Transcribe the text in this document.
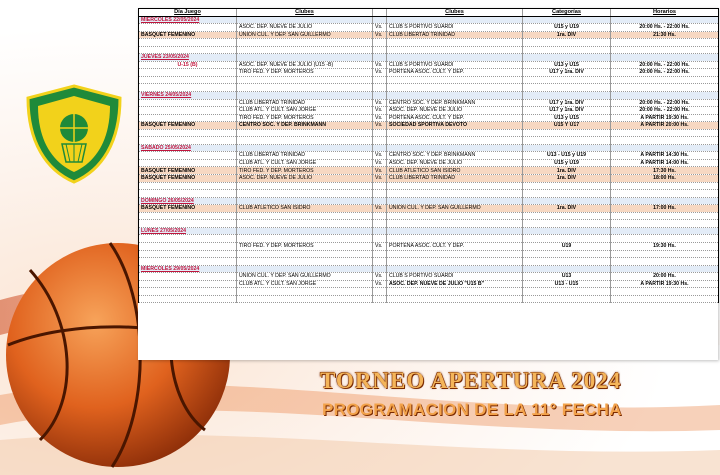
Día Juego	Clubes		Clubes	Categorías	Horarios
MIERCOLES 22/05/2024					
	ASOC. DEP. NUEVE DE JULIO	Vs.	CLUB S PORTIVO SUARDI	U15 y U19	20:00 Hs. - 22:00 Hs.
BASQUET FEMENINO	UNION CUL. Y DEP. SAN GUILLERMO	Vs.	CLUB LIBERTAD TRINIDAD	1ra. DIV	21:30 Hs.

JUEVES 23/05/2024					
U-15 (B)	ASOC. DEP. NUEVE DE JULIO (U15 -B)	Vs.	CLUB S PORTIVO SUARDI	U13 y U15	20:00 Hs. - 22:00 Hs.
	TIRO FED. Y DEP. MORTEROS	Vs.	PORTEÑA ASOC. CULT. Y DEP.	U17 y 1ra. DIV	20:00 Hs. - 22:00 Hs.

VIERNES 24/05/2024					
	CLUB LIBERTAD TRINIDAD	Vs.	CENTRO SOC. Y DEP. BRINKMANN	U17 y 1ra. DIV	20:00 Hs. - 22:00 Hs.
	CLUB ATL. Y CULT. SAN JORGE	Vs.	ASOC. DEP. NUEVE DE JULIO	U17 y 1ra. DIV	20:00 Hs. - 22:00 Hs.
	TIRO FED. Y DEP. MORTEROS	Vs.	PORTEÑA ASOC. CULT. Y DEP.	U13 y U15	A PARTIR 19:30 Hs.
BASQUET FEMENINO	CENTRO SOC. Y DEP. BRINKMANN	Vs.	SOCIEDAD SPORTIVA DEVOTO	U15 Y U17	A PARTIR 20:00 Hs.

SABADO 25/05/2024					
	CLUB LIBERTAD TRINIDAD	Vs.	CENTRO SOC. Y DEP. BRINKMANN	U13 - U15 y U19	A PARTIR 14:30 Hs.
	CLUB ATL. Y CULT. SAN JORGE	Vs.	ASOC. DEP. NUEVE DE JULIO	U15 y U19	A PARTIR 14:00 Hs.
BASQUET FEMENINO	TIRO FED. Y DEP. MORTEROS	Vs.	CLUB ATLETICO SAN ISIDRO	1ra. DIV	17:30 Hs.
BASQUET FEMENINO	ASOC. DEP. NUEVE DE JULIO	Vs.	CLUB LIBERTAD TRINIDAD	1ra. DIV	18:00 Hs.

DOMINGO 26/05/2024					
BASQUET FEMENINO	CLUB ATLETICO SAN ISIDRO	Vs.	UNION CUL. Y DEP. SAN GUILLERMO	1ra. DIV	17:00 Hs.

LUNES 27/05/2024					

	TIRO FED. Y DEP. MORTEROS	Vs.	PORTEÑA ASOC. CULT. Y DEP.	U19	19:30 Hs.

MIERCOLES 29/05/2024					
	UNION CUL. Y DEP. SAN GUILLERMO	Vs.	CLUB S PORTIVO SUARDI	U13	20:00 Hs.
	CLUB ATL. Y CULT. SAN JORGE	Vs.	ASOC. DEP. NUEVE DE JULIO "U15 B"	U13 - U15	A PARTIR 19:30 Hs.

TORNEO APERTURA 2024
PROGRAMACION DE LA 11° FECHA
